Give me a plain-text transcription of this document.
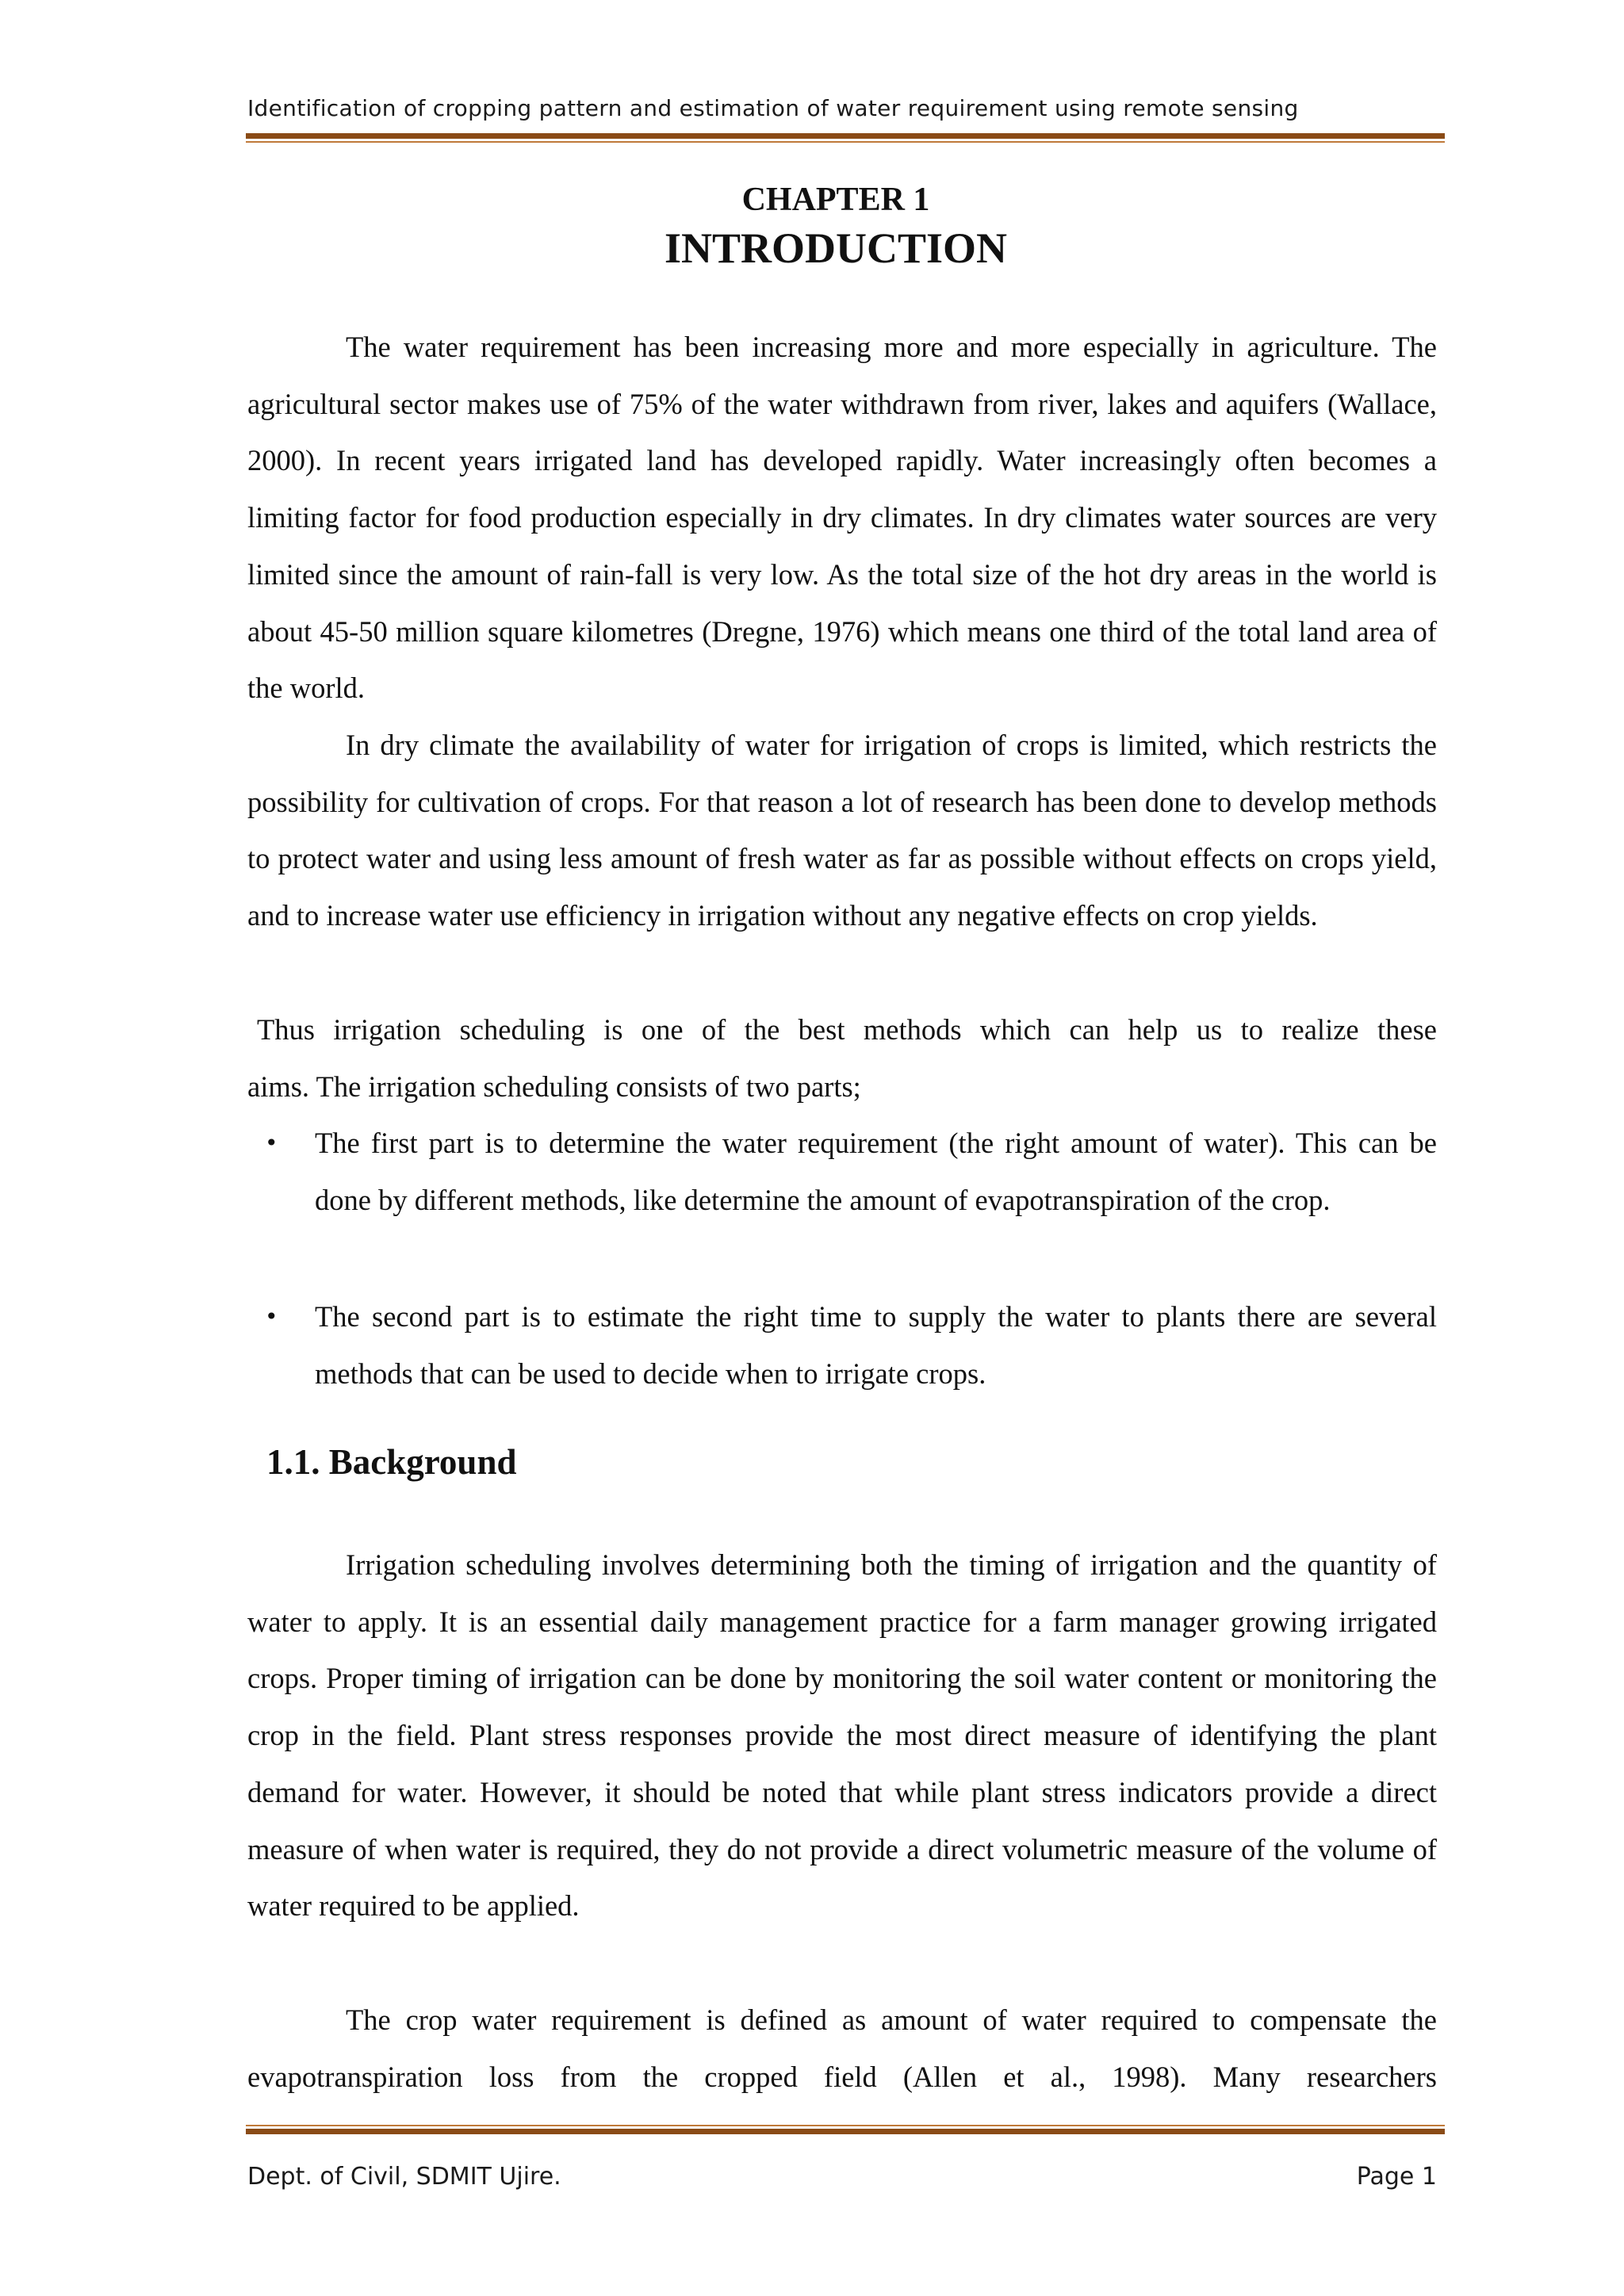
Identification of cropping pattern and estimation of water requirement using remote sensing
CHAPTER 1
INTRODUCTION

The water requirement has been increasing more and more especially in agriculture. The agricultural sector makes use of 75% of the water withdrawn from river, lakes and aquifers (Wallace, 2000). In recent years irrigated land has developed rapidly. Water increasingly often becomes a limiting factor for food production especially in dry climates. In dry climates water sources are very limited since the amount of rain-fall is very low. As the total size of the hot dry areas in the world is about 45-50 million square kilometres (Dregne, 1976) which means one third of the total land area of the world.

In dry climate the availability of water for irrigation of crops is limited, which restricts the possibility for cultivation of crops. For that reason a lot of research has been done to develop methods to protect water and using less amount of fresh water as far as possible without effects on crops yield, and to increase water use efficiency in irrigation without any negative effects on crop yields.

Thus irrigation scheduling is one of the best methods which can help us to realize these

aims. The irrigation scheduling consists of two parts;

• The first part is to determine the water requirement (the right amount of water). This can be done by different methods, like determine the amount of evapotranspiration of the crop.
• The second part is to estimate the right time to supply the water to plants there are several methods that can be used to decide when to irrigate crops.
1.1. Background

Irrigation scheduling involves determining both the timing of irrigation and the quantity of water to apply. It is an essential daily management practice for a farm manager growing irrigated crops. Proper timing of irrigation can be done by monitoring the soil water content or monitoring the crop in the field. Plant stress responses provide the most direct measure of identifying the plant demand for water. However, it should be noted that while plant stress indicators provide a direct measure of when water is required, they do not provide a direct volumetric measure of the volume of water required to be applied.

The crop water requirement is defined as amount of water required to compensate the evapotranspiration loss from the cropped field (Allen et al., 1998). Many researchers

Dept. of Civil, SDMIT Ujire.	Page 1
